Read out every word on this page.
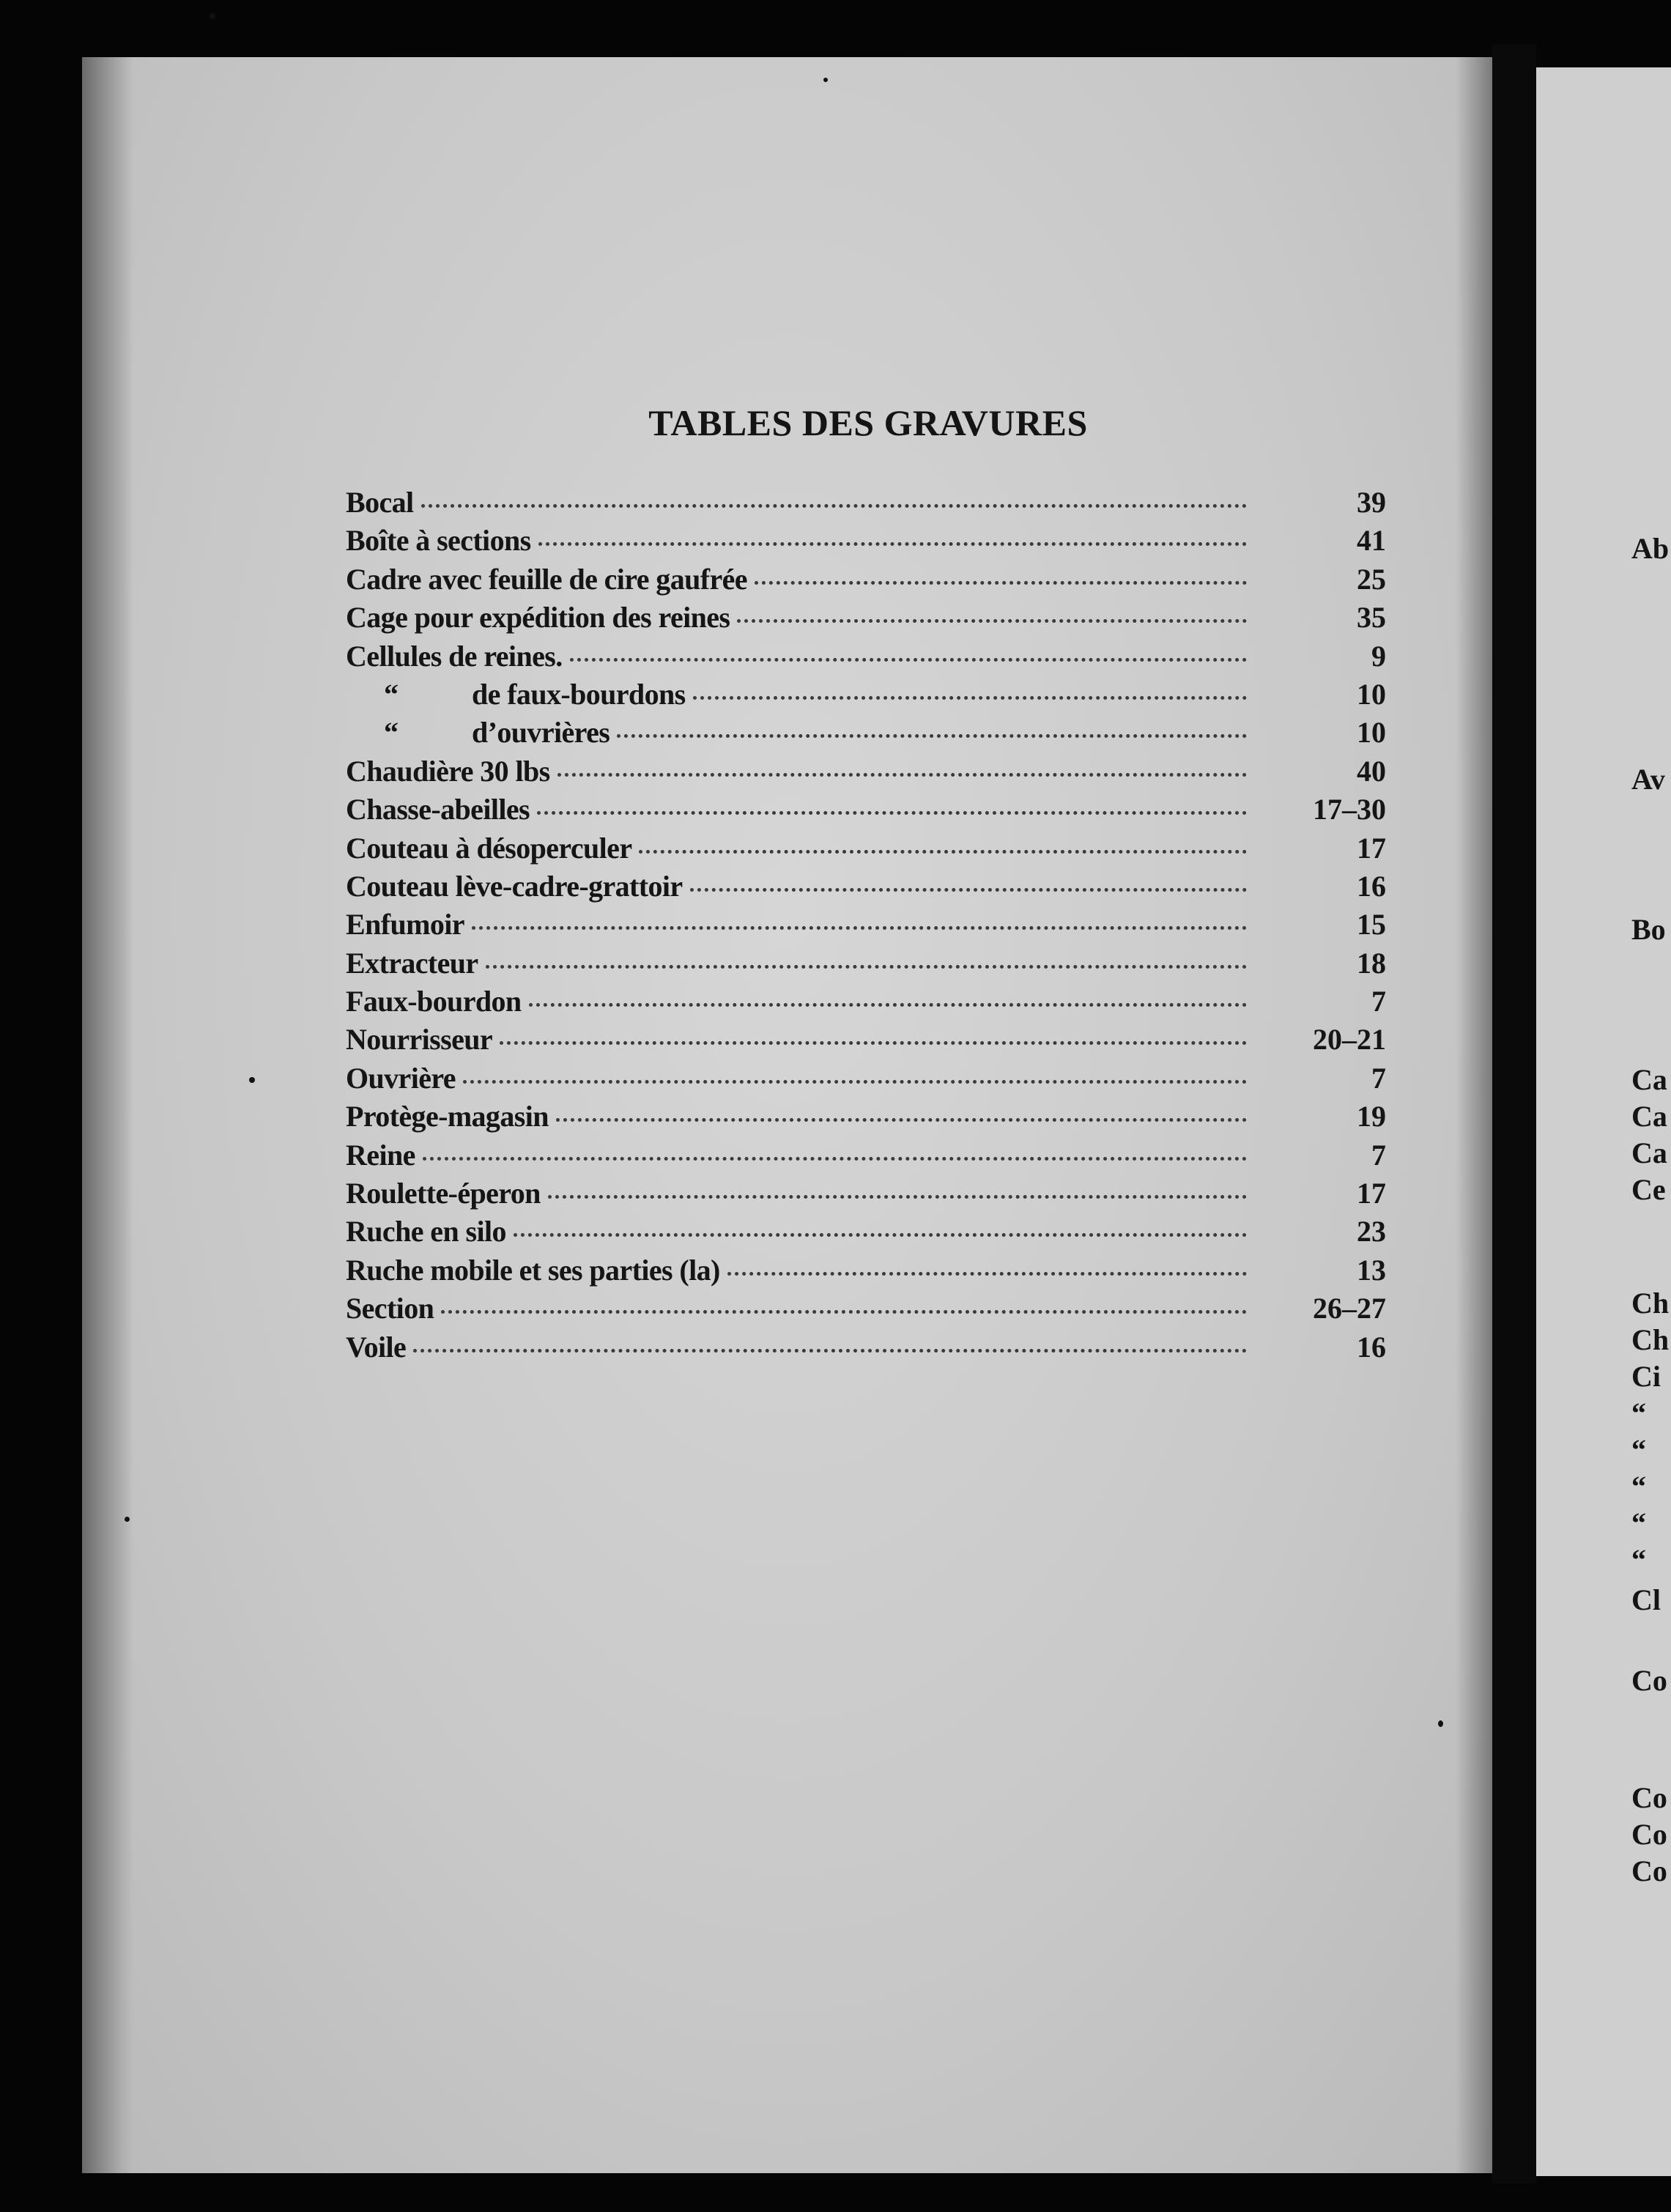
Ab
Av
Bo
Ca
Ca
Ca
Ce
Ch
Ch
Ci
“
“
“
“
“
Cl
Co
Co
Co
Co
TABLES DES GRAVURES
Bocal	39
Boîte à sections	41
Cadre avec feuille de cire gaufrée	25
Cage pour expédition des reines	35
Cellules de reines.	9
“	de faux-bourdons	10
“	d’ouvrières	10
Chaudière 30 lbs	40
Chasse-abeilles	17–30
Couteau à désoperculer	17
Couteau lève-cadre-grattoir	16
Enfumoir	15
Extracteur	18
Faux-bourdon	7
Nourrisseur	20–21
Ouvrière	7
Protège-magasin	19
Reine	7
Roulette-éperon	17
Ruche en silo	23
Ruche mobile et ses parties (la)	13
Section	26–27
Voile	16
